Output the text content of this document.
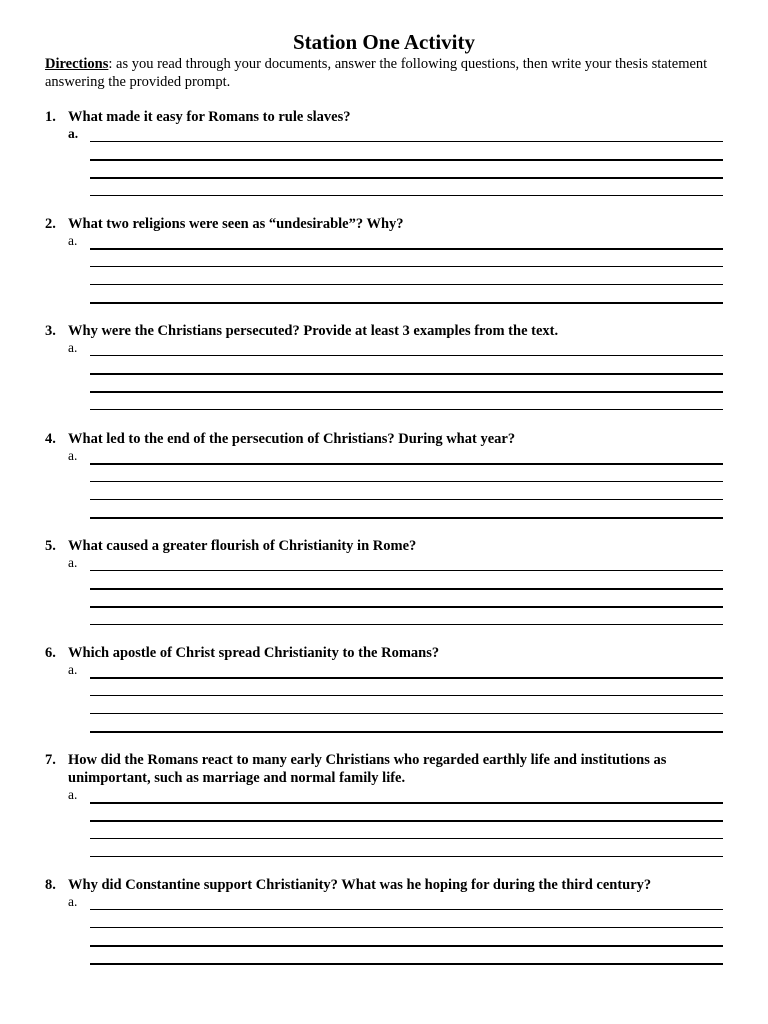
Station One Activity

Directions: as you read through your documents, answer the following questions, then write your thesis statement answering the provided prompt.

1. What made it easy for Romans to rule slaves?

a.

2. What two religions were seen as “undesirable”? Why?

a.

3. Why were the Christians persecuted? Provide at least 3 examples from the text.

a.

4. What led to the end of the persecution of Christians? During what year?

a.

5. What caused a greater flourish of Christianity in Rome?

a.

6. Which apostle of Christ spread Christianity to the Romans?

a.

7. How did the Romans react to many early Christians who regarded earthly life and institutions as unimportant, such as marriage and normal family life.

a.

8. Why did Constantine support Christianity? What was he hoping for during the third century?

a.
